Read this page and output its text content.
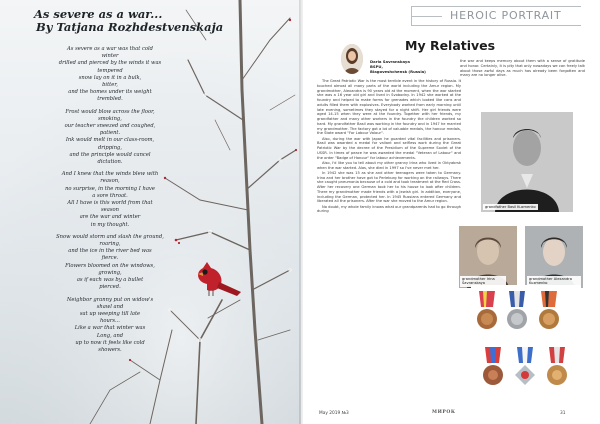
As severe as a war...
By Tatjana Rozhdestvenskaja
As severe as a war was that cold
winter
drilled and pierced by the winds it was
tempered
snow lay on it in a bulk,
bitter,
and the homes under its weight
trembled.
Frost would blow across the floor,
smoking,
our teacher sneezed and coughed,
patient.
Ink would melt in our class-room,
dripping,
and the principle would cancel
dictation.
And I knew that the winds blew with
reason,
no surprise, in the morning I have
a sore throat.
All I have is this world from that
season
are the war and winter
in my thought.
Snow would storm and slash the ground,
roaring,
and the ice in the river bed was
fierce.
Flowers bloomed on the windows,
growing,
as if each was by a bullet
pierced.
Neighbor granny put on widow's
shawl and
sat up weeping till late
hours...
Like a war that winter was
Long, and
up to now it feels like cold
showers.
HEROIC PORTRAIT
My Relatives
Daria Savranskaya
BSPU,
Blagoveshchensk (Russia)

The Great Patriotic War is the most terrible event in the history of Russia. It touched almost all many parts of the world including the Amur region. My grandmother, Alexandra is 90 years old at the moment, when the war started she was a 16 year old girl and lived in Svobodny. In 1942 she worked at the foundry and helped to make forms for grenades which looked like cans and adults filled them with explosives. Everybody worked from early morning until late evening, sometimes they stayed for a night shift. Her girl friends were aged 14-15 when they were at the foundry. Together with her friends, my grandfather and many other workers in the foundry the children worked so hard. My grandfather Basil was working in the foundry and in 1947 he married my grandmother. The factory got a lot of valuable medals, the honour medals, the State award "For Labour Valour".

Also, during the war with Japan he guarded vital facilities and prisoners. Basil was awarded a medal for valiant and selfless work during the Great Patriotic War by the decree of the Presidium of the Supreme Soviet of the USSR. In times of peace he was awarded the medal "Veteran of Labour" and the order "Badge of Honour" for labour achievements.

Also, I'd like you to tell about my other granny Irina who lived in Oktyabrsk when the war started. Alas, she died in 1997 so I've never met her.

In 1942 she was 15 as she and other teenagers were taken to Germany. Irina and her brother have got to Perleburg for working on the railways. There she caught pneumonia because of a cold and took treatment at the Red Cross. After her recovery one German took her to his house to look after children. There my grandmother made friends with a Jewish girl. In addition, everyone, including the German, protected her. In 1945 Russians entered Germany and liberated all the prisoners. After the war she moved to the Amur region.

No doubt, my whole family knows what our grandparents had to go through during

the war and keeps memory about them with a sense of gratitude and honor. Certainly, it is pity that only nowadays we can freely talk about those awful days as much has already been forgotten and many are no longer alive.
grandfather Basil Kuzmenko
grandmother Irina Savranskaya
grandmother Alexandra Kuzmenko
May 2019 №3	МИРОК	31
